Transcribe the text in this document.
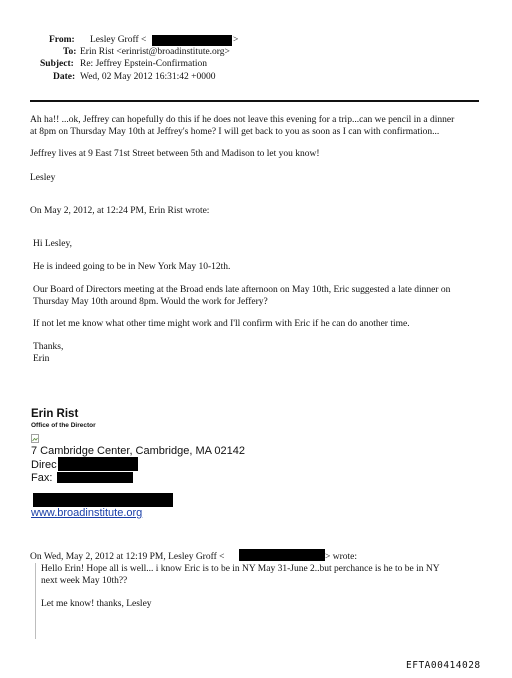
From: Lesley Groff <	>
To: Erin Rist <erinrist@broadinstitute.org>
Subject: Re: Jeffrey Epstein-Confirmation
Date: Wed, 02 May 2012 16:31:42 +0000
Ah ha!! ...ok, Jeffrey can hopefully do this if he does not leave this evening for a trip...can we pencil in a dinner
at 8pm on Thursday May 10th at Jeffrey's home? I will get back to you as soon as I can with confirmation...
Jeffrey lives at 9 East 71st Street between 5th and Madison to let you know!
Lesley
On May 2, 2012, at 12:24 PM, Erin Rist wrote:
Hi Lesley,
He is indeed going to be in New York May 10-12th.
Our Board of Directors meeting at the Broad ends late afternoon on May 10th, Eric suggested a late dinner on
Thursday May 10th around 8pm. Would the work for Jeffery?
If not let me know what other time might work and I'll confirm with Eric if he can do another time.
Thanks,
Erin
Erin Rist
Office of the Director
7 Cambridge Center, Cambridge, MA 02142
Direc
Fax:
www.broadinstitute.org
On Wed, May 2, 2012 at 12:19 PM, Lesley Groff <	> wrote:
Hello Erin! Hope all is well... i know Eric is to be in NY May 31-June 2..but perchance is he to be in NY
next week May 10th??
Let me know! thanks, Lesley
EFTA00414028
